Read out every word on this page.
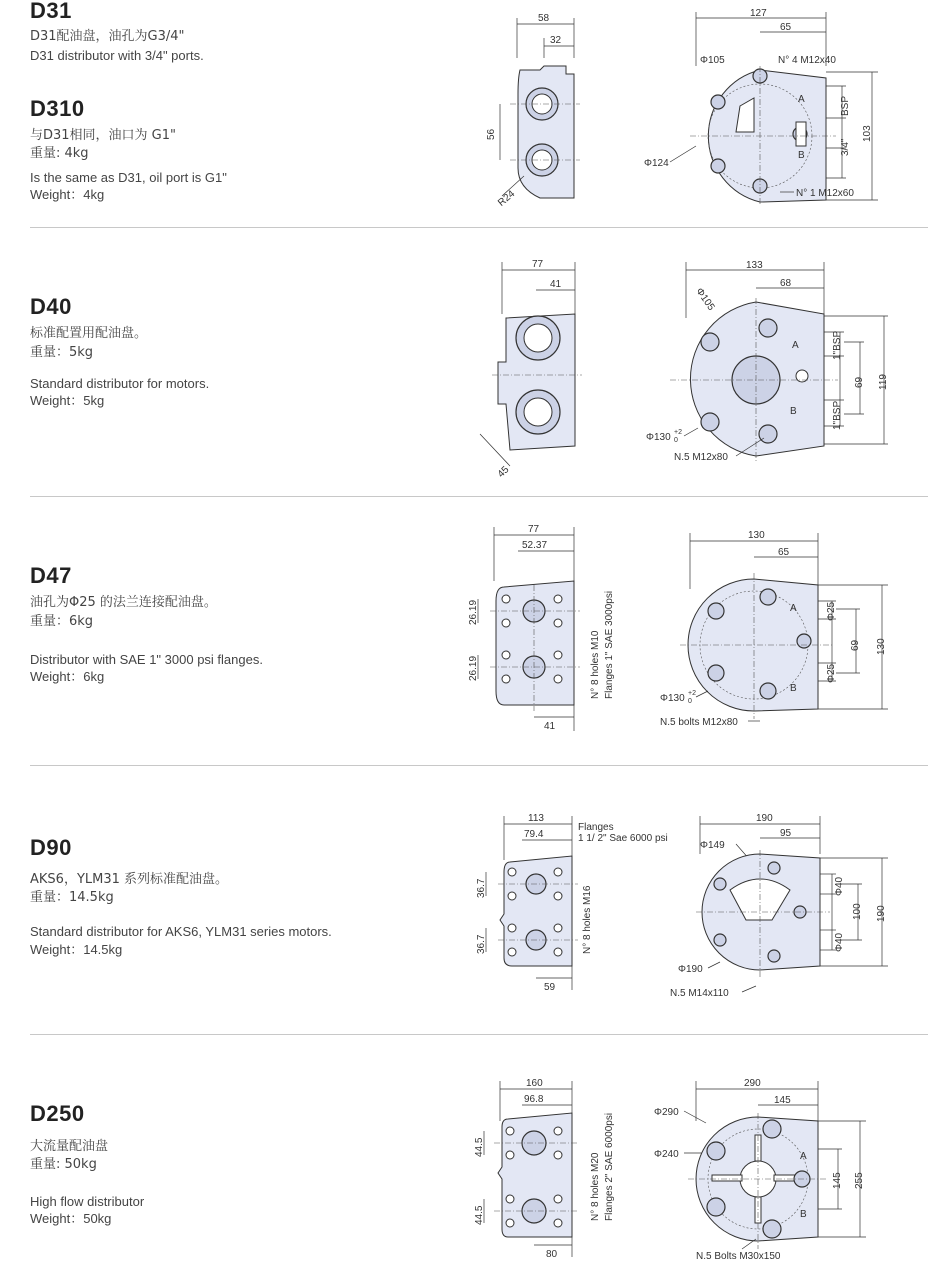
D31
D31配油盘，油孔为G3/4"
D31 distributor with 3/4" ports.
D310
与D31相同，油口为 G1"
重量: 4kg
Is the same as D31, oil port is G1"
Weight：4kg
58
32
56
R24
127
65
Φ105	N° 4 M12x40
A
B
BSP
3/4"
103
Φ124
N° 1 M12x60
D40
标准配置用配油盘。
重量：5kg
Standard distributor for motors.
Weight：5kg
77
41
45
133
68
Φ105
A
B
1"BSP
1"BSP
69 119
Φ130 +2
0
N.5 M12x80
D47
油孔为Φ25 的法兰连接配油盘。
重量：6kg
Distributor with SAE 1" 3000 psi flanges.
Weight：6kg
77
52.37
26.19
26.19
41
N° 8 holes M10 Flanges 1" SAE 3000psi
130
65
A
B
Φ25
Φ25
69 130
Φ130 +2
0
N.5 bolts M12x80
D90
AKS6，YLM31 系列标准配油盘。
重量：14.5kg
Standard distributor for AKS6, YLM31 series motors.
Weight：14.5kg
113
79.4
36.7
36.7
59
Flanges
1 1/ 2" Sae 6000 psi
N° 8 holes M16
190
95
Φ149
Φ40
Φ40
100 190
Φ190
N.5 M14x110
D250
大流量配油盘
重量: 50kg
High flow distributor
Weight：50kg
160
96.8
44.5
44.5
80
N° 8 holes M20 Flanges 2" SAE 6000psi
290
145
Φ290
Φ240	A
B
145 255
N.5 Bolts M30x150
